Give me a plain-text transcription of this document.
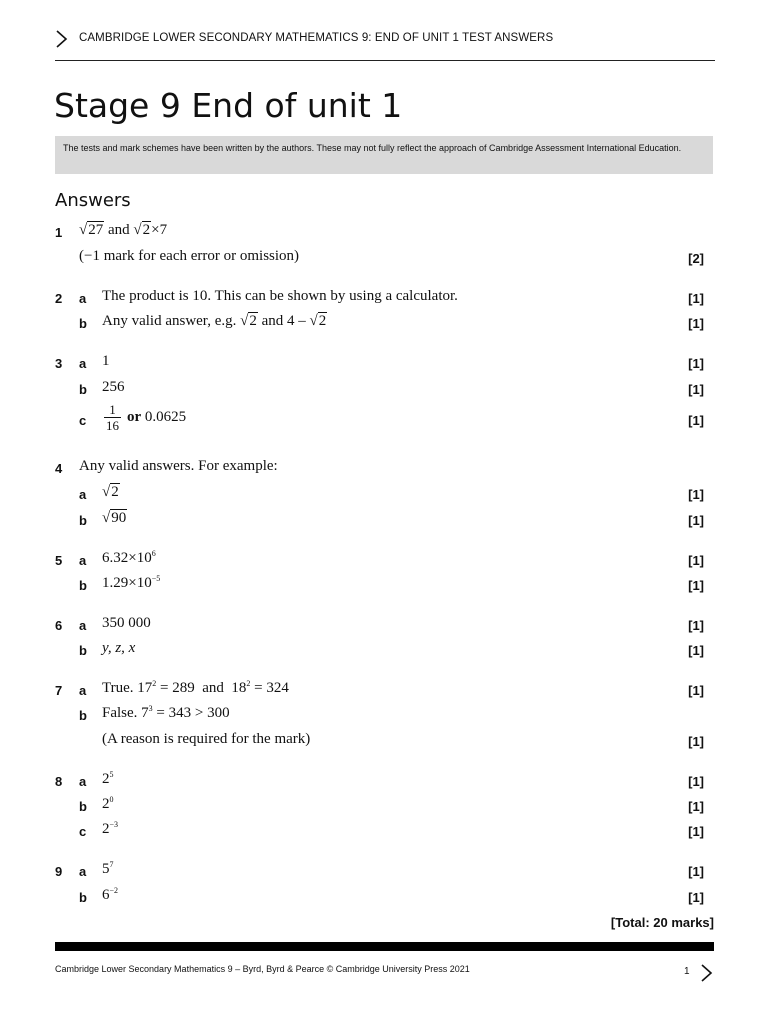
CAMBRIDGE LOWER SECONDARY MATHEMATICS 9: END OF UNIT 1 TEST ANSWERS
Stage 9 End of unit 1
The tests and mark schemes have been written by the authors. These may not fully reflect the approach of Cambridge Assessment International Education.
Answers
1 √27 and √2×7
(−1 mark for each error or omission)	[2]
2 a The product is 10. This can be shown by using a calculator.	[1]
b Any valid answer, e.g. √2 and 4 – √2	[1]
3 a 1	[1]
b 256	[1]
c $\frac{1}{16}$ or 0.0625	[1]
4 Any valid answers. For example:
a √2	[1]
b √90	[1]
5 a $6.32\times 10^6$	[1]
b $1.29\times 10^{-5}$	[1]
6 a 350 000	[1]
b y, z, x	[1]
7 a True. $17^2 = 289$  and  $18^2 = 324$	[1]
b False. $7^3 = 343 > 300$
(A reason is required for the mark)	[1]
8 a $2^5$	[1]
b $2^0$	[1]
c $2^{-3}$	[1]
9 a $5^7$	[1]
b $6^{-2}$	[1]
[Total: 20 marks]
Cambridge Lower Secondary Mathematics 9 – Byrd, Byrd & Pearce © Cambridge University Press 2021	1
